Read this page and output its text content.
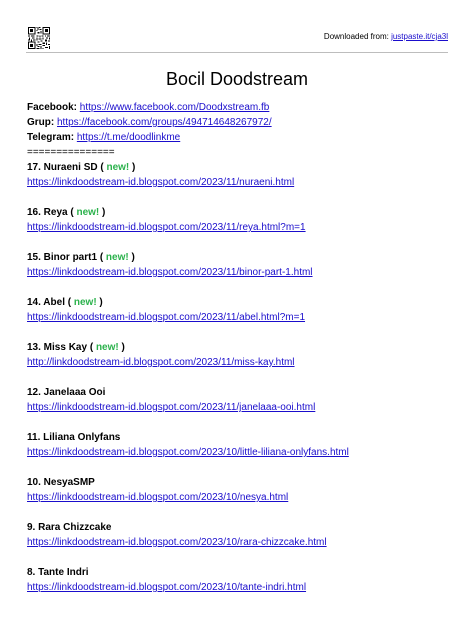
Downloaded from: justpaste.it/cja3l
Bocil Doodstream
Facebook: https://www.facebook.com/Doodxstream.fb
Grup: https://facebook.com/groups/494714648267972/
Telegram: https://t.me/doodlinkme
===============
17. Nuraeni SD ( new! )
https://linkdoodstream-id.blogspot.com/2023/11/nuraeni.html
16. Reya ( new! )
https://linkdoodstream-id.blogspot.com/2023/11/reya.html?m=1
15. Binor part1 ( new! )
https://linkdoodstream-id.blogspot.com/2023/11/binor-part-1.html
14. Abel ( new! )
https://linkdoodstream-id.blogspot.com/2023/11/abel.html?m=1
13. Miss Kay ( new! )
http://linkdoodstream-id.blogspot.com/2023/11/miss-kay.html
12. Janelaaa Ooi
https://linkdoodstream-id.blogspot.com/2023/11/janelaaa-ooi.html
11. Liliana Onlyfans
https://linkdoodstream-id.blogspot.com/2023/10/little-liliana-onlyfans.html
10. NesyaSMP
https://linkdoodstream-id.blogspot.com/2023/10/nesya.html
9. Rara Chizzcake
https://linkdoodstream-id.blogspot.com/2023/10/rara-chizzcake.html
8. Tante Indri
https://linkdoodstream-id.blogspot.com/2023/10/tante-indri.html
